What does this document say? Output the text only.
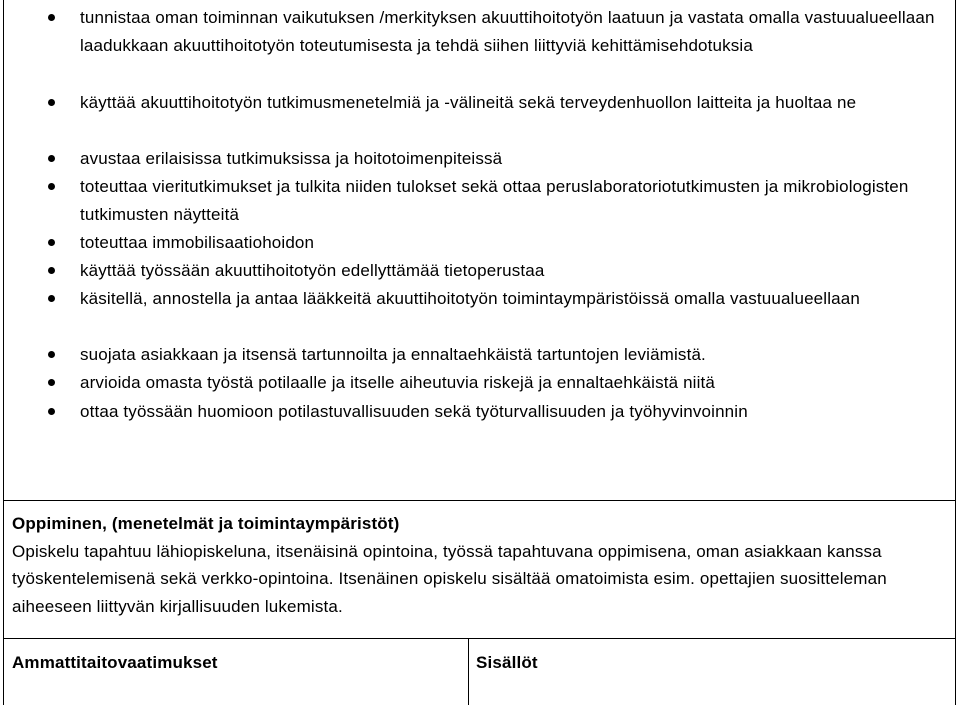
tunnistaa oman toiminnan vaikutuksen /merkityksen akuuttihoitotyön laatuun ja vastata omalla vastuualueellaan laadukkaan akuuttihoitotyön toteutumisesta ja tehdä siihen liittyviä kehittämisehdotuksia
käyttää akuuttihoitotyön tutkimusmenetelmiä ja -välineitä sekä terveydenhuollon laitteita ja huoltaa ne
avustaa erilaisissa tutkimuksissa ja hoitotoimenpiteissä
toteuttaa vieritutkimukset ja tulkita niiden tulokset sekä ottaa peruslaboratoriotutkimusten ja mikrobiologisten tutkimusten näytteitä
toteuttaa immobilisaatiohoidon
käyttää työssään akuuttihoitotyön edellyttämää tietoperustaa
käsitellä, annostella ja antaa lääkkeitä akuuttihoitotyön toimintaympäristöissä omalla vastuualueellaan
suojata asiakkaan ja itsensä tartunnoilta ja ennaltaehkäistä tartuntojen leviämistä.
arvioida omasta työstä potilaalle ja itselle aiheutuvia riskejä ja ennaltaehkäistä niitä
ottaa työssään huomioon potilastuvallisuuden sekä työturvallisuuden ja työhyvinvoinnin
Oppiminen, (menetelmät ja toimintaympäristöt)
Opiskelu tapahtuu lähiopiskeluna, itsenäisinä opintoina, työssä tapahtuvana oppimisena, oman asiakkaan kanssa työskentelemisenä sekä verkko-opintoina. Itsenäinen opiskelu sisältää omatoimista esim. opettajien suositteleman aiheeseen liittyvän kirjallisuuden lukemista.
Ammattitaitovaatimukset	Sisällöt
